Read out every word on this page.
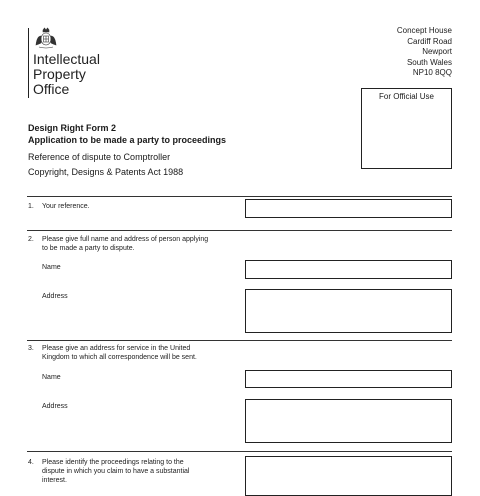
Intellectual
Property
Office
Concept House
Cardiff Road
Newport
South Wales
NP10 8QQ
For Official Use
Design Right Form 2
Application to be made a party to proceedings
Reference of dispute to Comptroller
Copyright, Designs & Patents Act 1988
1. Your reference.
2. Please give full name and address of person applying
to be made a party to dispute.
Name
Address
3. Please give an address for service in the United
Kingdom to which all correspondence will be sent.
Name
Address
4. Please identify the proceedings relating to the
dispute in which you claim to have a substantial
interest.
